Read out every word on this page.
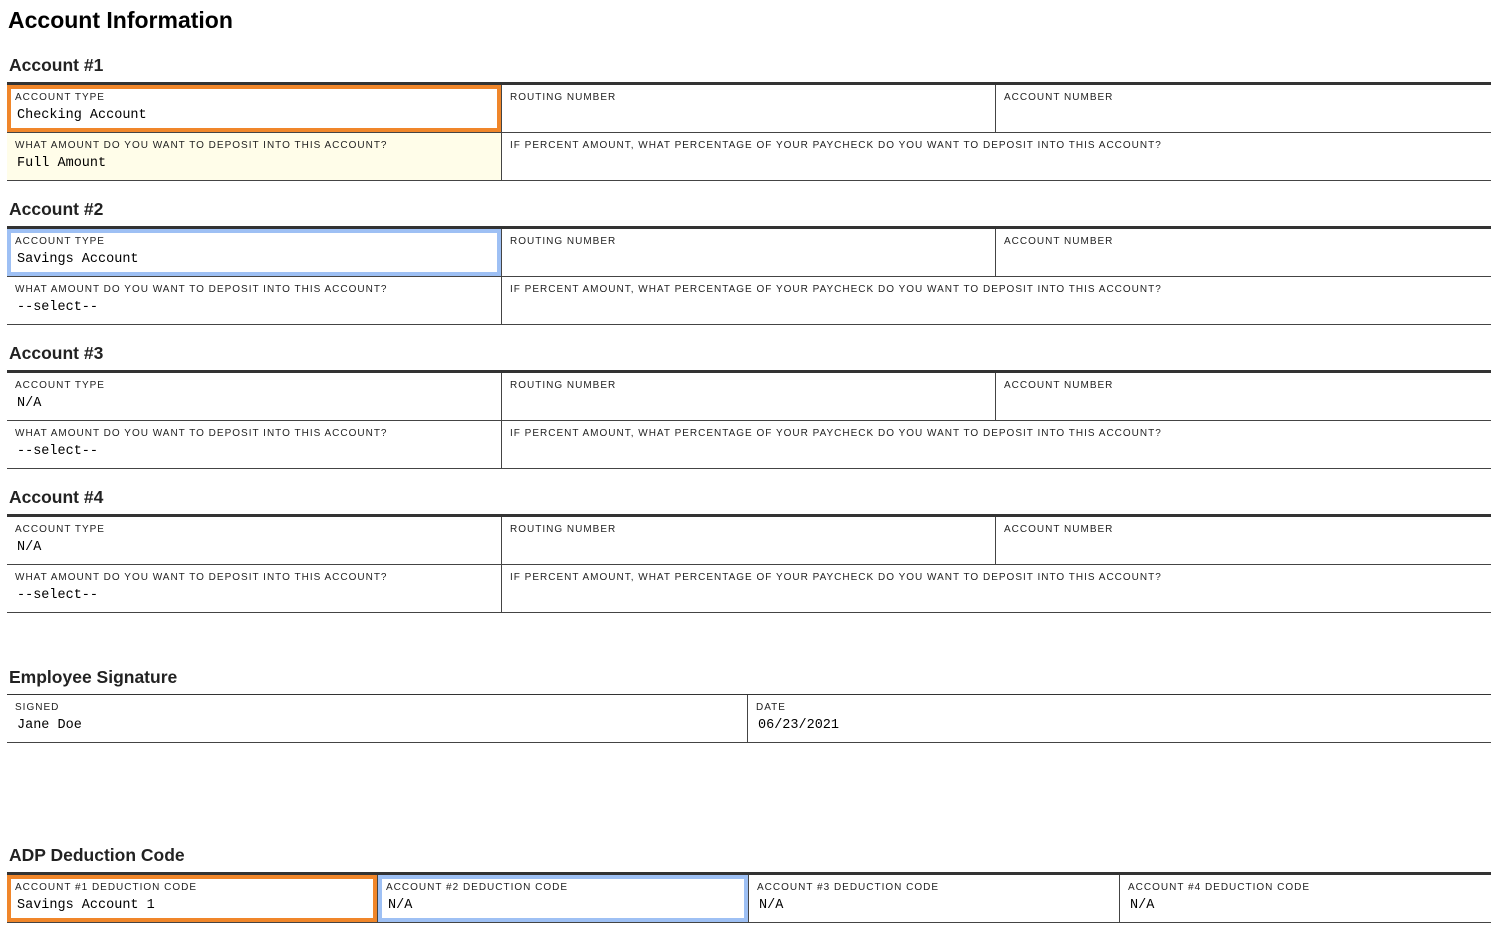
Account Information
Account #1
ACCOUNT TYPE
Checking Account
ROUTING NUMBER	ACCOUNT NUMBER
WHAT AMOUNT DO YOU WANT TO DEPOSIT INTO THIS ACCOUNT?
Full Amount
IF PERCENT AMOUNT, WHAT PERCENTAGE OF YOUR PAYCHECK DO YOU WANT TO DEPOSIT INTO THIS ACCOUNT?
Account #2
ACCOUNT TYPE
Savings Account
ROUTING NUMBER	ACCOUNT NUMBER
WHAT AMOUNT DO YOU WANT TO DEPOSIT INTO THIS ACCOUNT?
--select--
IF PERCENT AMOUNT, WHAT PERCENTAGE OF YOUR PAYCHECK DO YOU WANT TO DEPOSIT INTO THIS ACCOUNT?
Account #3
ACCOUNT TYPE
N/A
ROUTING NUMBER	ACCOUNT NUMBER
WHAT AMOUNT DO YOU WANT TO DEPOSIT INTO THIS ACCOUNT?
--select--
IF PERCENT AMOUNT, WHAT PERCENTAGE OF YOUR PAYCHECK DO YOU WANT TO DEPOSIT INTO THIS ACCOUNT?
Account #4
ACCOUNT TYPE
N/A
ROUTING NUMBER	ACCOUNT NUMBER
WHAT AMOUNT DO YOU WANT TO DEPOSIT INTO THIS ACCOUNT?
--select--
IF PERCENT AMOUNT, WHAT PERCENTAGE OF YOUR PAYCHECK DO YOU WANT TO DEPOSIT INTO THIS ACCOUNT?
Employee Signature
SIGNED
Jane Doe
DATE
06/23/2021
ADP Deduction Code
ACCOUNT #1 DEDUCTION CODE
Savings Account 1
ACCOUNT #2 DEDUCTION CODE
N/A
ACCOUNT #3 DEDUCTION CODE
N/A
ACCOUNT #4 DEDUCTION CODE
N/A
